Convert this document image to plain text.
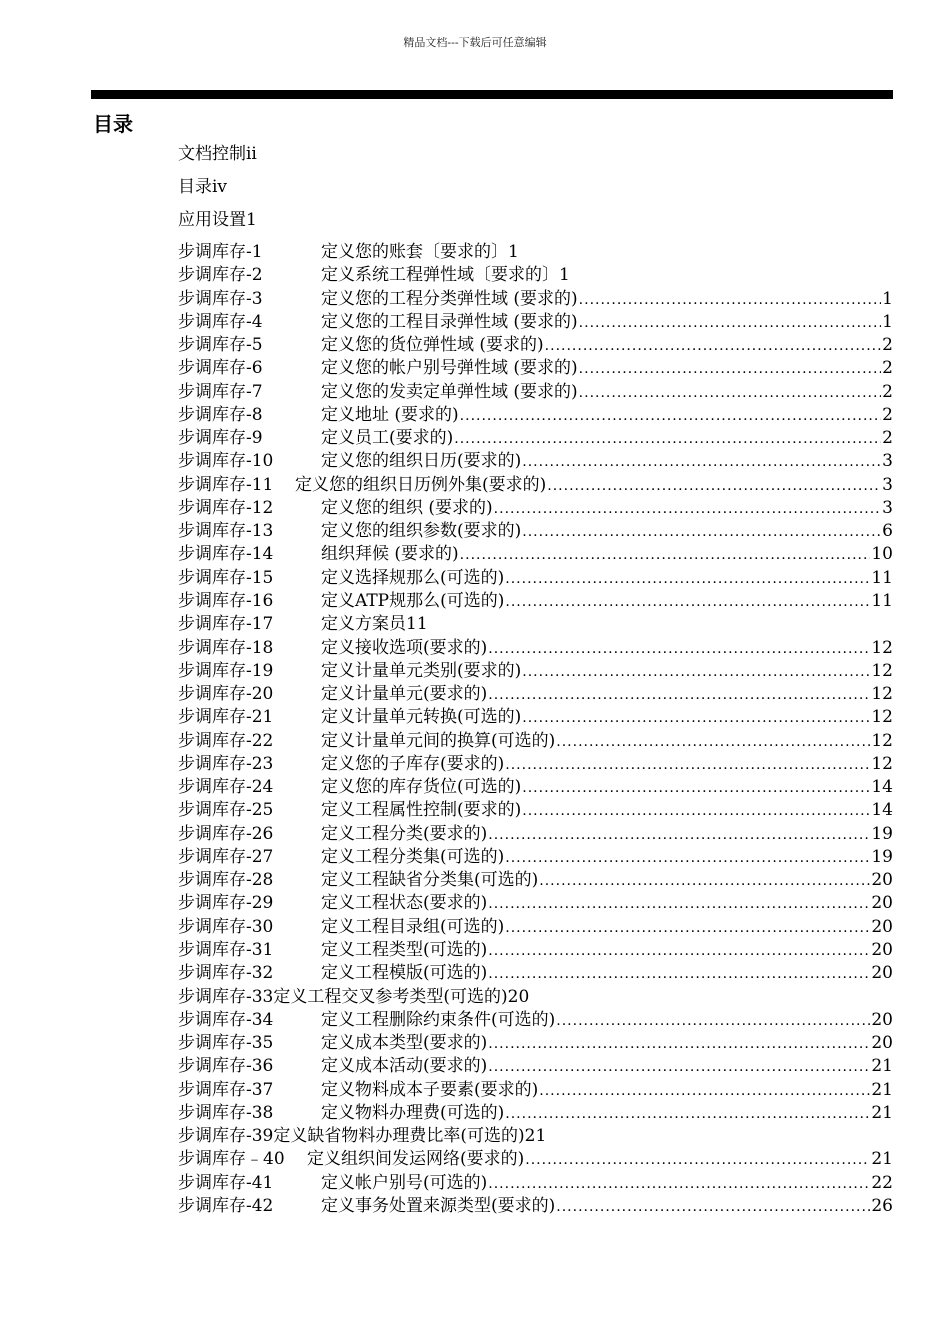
精品文档---下载后可任意编辑
目录
文档控制ii
目录iv
应用设置1
步调库存-1	定义您的账套〔要求的〕1
步调库存-2	定义系统工程弹性域〔要求的〕1
步调库存-3	定义您的工程分类弹性域 (要求的) .....	1
步调库存-4	定义您的工程目录弹性域 (要求的) .....	1
步调库存-5	定义您的货位弹性域 (要求的) .....	2
步调库存-6	定义您的帐户别号弹性域 (要求的) .....	2
步调库存-7	定义您的发卖定单弹性域 (要求的) .....	2
步调库存-8	定义地址 (要求的) .....	2
步调库存-9	定义员工(要求的) .....	2
步调库存-10	定义您的组织日历(要求的) .....	3
步调库存-11	定义您的组织日历例外集(要求的) .....	3
步调库存-12	定义您的组织 (要求的) .....	3
步调库存-13	定义您的组织参数(要求的) .....	6
步调库存-14	组织拜候 (要求的) .....	10
步调库存-15	定义选择规那么(可选的) .....	11
步调库存-16	定义ATP规那么(可选的) .....	11
步调库存-17	定义方案员11
步调库存-18	定义接收选项(要求的) .....	12
步调库存-19	定义计量单元类别(要求的) .....	12
步调库存-20	定义计量单元(要求的) .....	12
步调库存-21	定义计量单元转换(可选的) .....	12
步调库存-22	定义计量单元间的换算(可选的) .....	12
步调库存-23	定义您的子库存(要求的) .....	12
步调库存-24	定义您的库存货位(可选的) .....	14
步调库存-25	定义工程属性控制(要求的) .....	14
步调库存-26	定义工程分类(要求的) .....	19
步调库存-27	定义工程分类集(可选的) .....	19
步调库存-28	定义工程缺省分类集(可选的) .....	20
步调库存-29	定义工程状态(要求的) .....	20
步调库存-30	定义工程目录组(可选的) .....	20
步调库存-31	定义工程类型(可选的) .....	20
步调库存-32	定义工程模版(可选的) .....	20
步调库存-33 定义工程交叉参考类型(可选的)20
步调库存-34	定义工程删除约束条件(可选的) .....	20
步调库存-35	定义成本类型(要求的) .....	20
步调库存-36	定义成本活动(要求的) .....	21
步调库存-37	定义物料成本子要素(要求的) .....	21
步调库存-38	定义物料办理费(可选的) .....	21
步调库存-39 定义缺省物料办理费比率(可选的)21
步调库存﹣40	定义组织间发运网络(要求的) .....	21
步调库存-41	定义帐户别号(可选的) .....	22
步调库存-42	定义事务处置来源类型(要求的) .....	26
